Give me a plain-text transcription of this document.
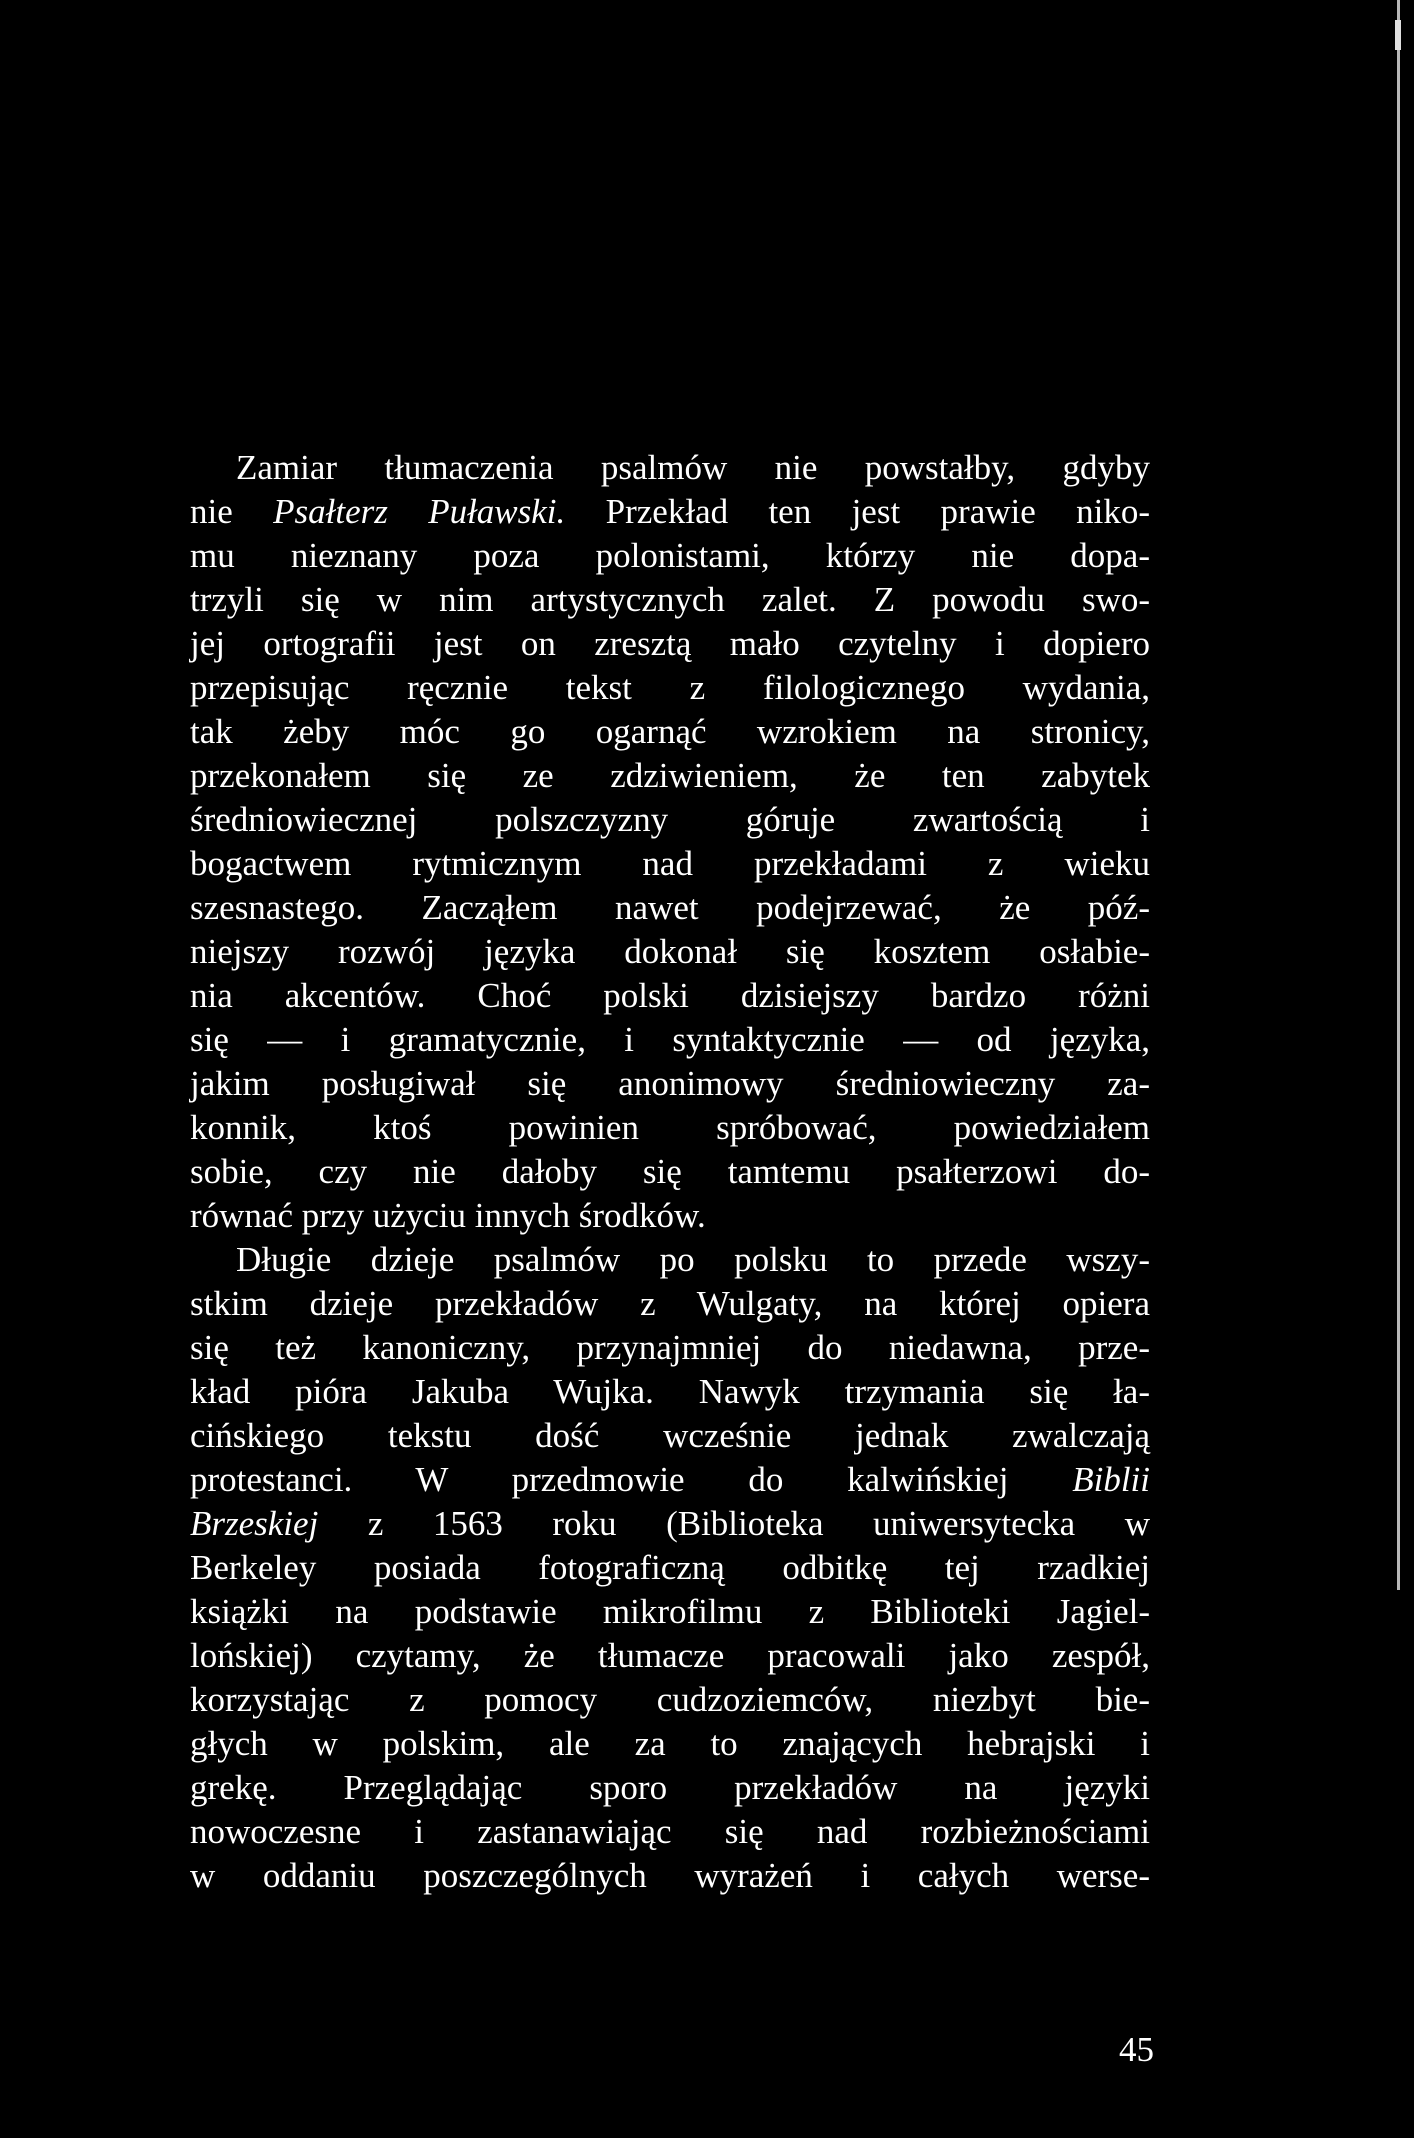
Zamiar tłumaczenia psalmów nie powstałby, gdyby
nie Psałterz Puławski. Przekład ten jest prawie niko-
mu nieznany poza polonistami, którzy nie dopa-
trzyli się w nim artystycznych zalet. Z powodu swo-
jej ortografii jest on zresztą mało czytelny i dopiero
przepisując ręcznie tekst z filologicznego wydania,
tak żeby móc go ogarnąć wzrokiem na stronicy,
przekonałem się ze zdziwieniem, że ten zabytek
średniowiecznej polszczyzny góruje zwartością i
bogactwem rytmicznym nad przekładami z wieku
szesnastego. Zacząłem nawet podejrzewać, że póź-
niejszy rozwój języka dokonał się kosztem osłabie-
nia akcentów. Choć polski dzisiejszy bardzo różni
się — i gramatycznie, i syntaktycznie — od języka,
jakim posługiwał się anonimowy średniowieczny za-
konnik, ktoś powinien spróbować, powiedziałem
sobie, czy nie dałoby się tamtemu psałterzowi do-
równać przy użyciu innych środków.
Długie dzieje psalmów po polsku to przede wszy-
stkim dzieje przekładów z Wulgaty, na której opiera
się też kanoniczny, przynajmniej do niedawna, prze-
kład pióra Jakuba Wujka. Nawyk trzymania się ła-
cińskiego tekstu dość wcześnie jednak zwalczają
protestanci. W przedmowie do kalwińskiej Biblii
Brzeskiej z 1563 roku (Biblioteka uniwersytecka w
Berkeley posiada fotograficzną odbitkę tej rzadkiej
książki na podstawie mikrofilmu z Biblioteki Jagiel-
lońskiej) czytamy, że tłumacze pracowali jako zespół,
korzystając z pomocy cudzoziemców, niezbyt bie-
głych w polskim, ale za to znających hebrajski i
grekę. Przeglądając sporo przekładów na języki
nowoczesne i zastanawiając się nad rozbieżnościami
w oddaniu poszczególnych wyrażeń i całych werse-
45
